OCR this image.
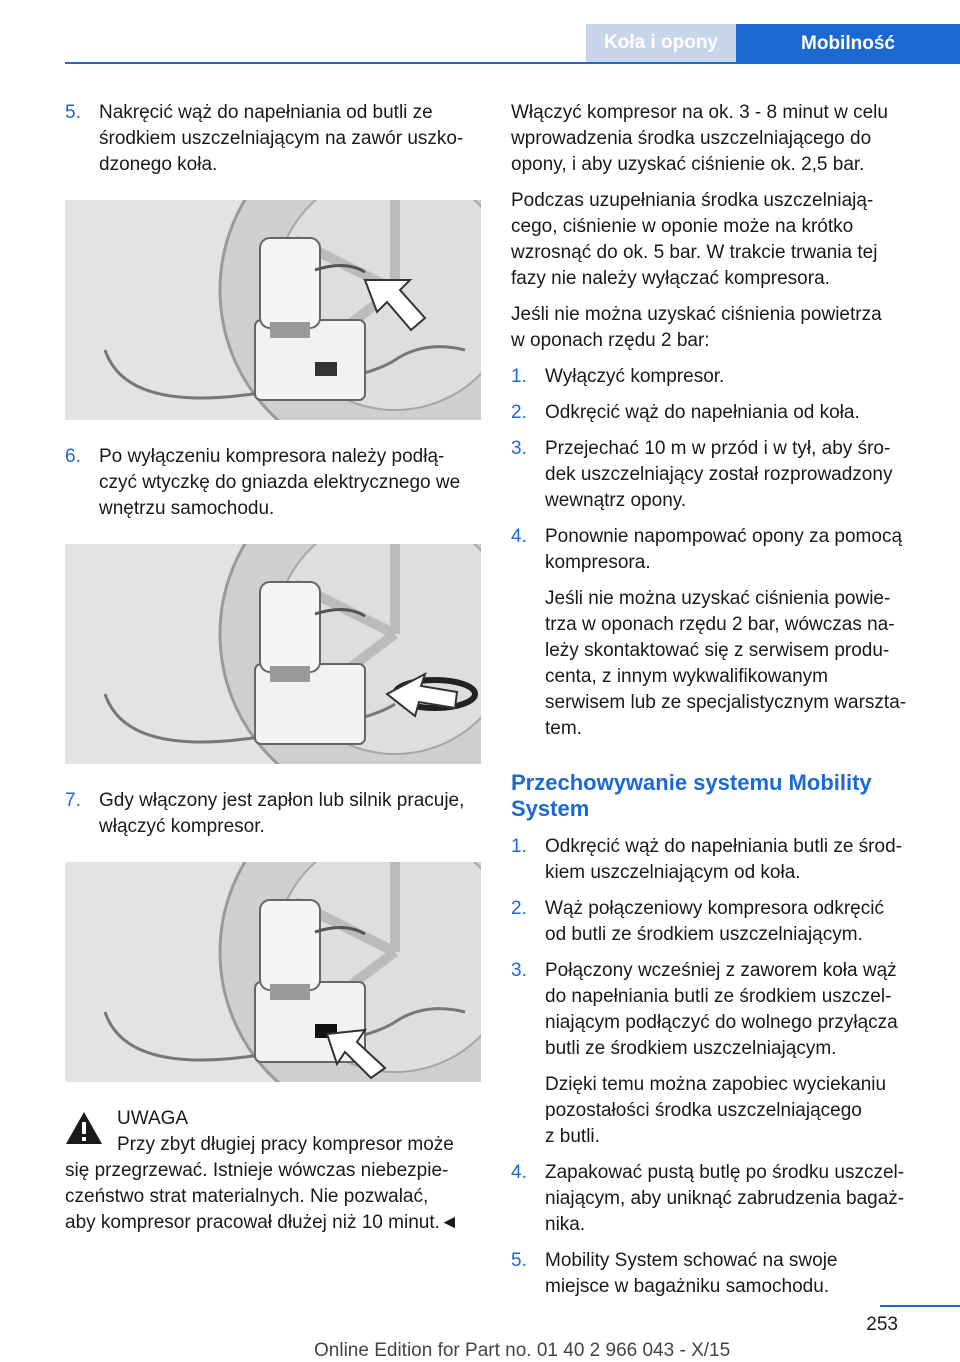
Koła i opony	Mobilność
5. Nakręcić wąż do napełniania od butli ze
środkiem uszczelniającym na zawór uszko‐
dzonego koła.
6. Po wyłączeniu kompresora należy podłą‐
czyć wtyczkę do gniazda elektrycznego we
wnętrzu samochodu.
7. Gdy włączony jest zapłon lub silnik pracuje,
włączyć kompresor.
UWAGA
Przy zbyt długiej pracy kompresor może
się przegrzewać. Istnieje wówczas niebezpie‐
czeństwo strat materialnych. Nie pozwalać,
aby kompresor pracował dłużej niż 10 minut.◄

Włączyć kompresor na ok. 3 - 8 minut w celu
wprowadzenia środka uszczelniającego do
opony, i aby uzyskać ciśnienie ok. 2,5 bar.

Podczas uzupełniania środka uszczelniają‐
cego, ciśnienie w oponie może na krótko
wzrosnąć do ok. 5 bar. W trakcie trwania tej
fazy nie należy wyłączać kompresora.

Jeśli nie można uzyskać ciśnienia powietrza
w oponach rzędu 2 bar:

1. Wyłączyć kompresor.
2. Odkręcić wąż do napełniania od koła.
3. Przejechać 10 m w przód i w tył, aby śro‐
dek uszczelniający został rozprowadzony
wewnątrz opony.
4. Ponownie napompować opony za pomocą
kompresora.

Jeśli nie można uzyskać ciśnienia powie‐
trza w oponach rzędu 2 bar, wówczas na‐
leży skontaktować się z serwisem produ‐
centa, z innym wykwalifikowanym
serwisem lub ze specjalistycznym warszta‐
tem.

Przechowywanie systemu Mobility
System
1. Odkręcić wąż do napełniania butli ze środ‐
kiem uszczelniającym od koła.
2. Wąż połączeniowy kompresora odkręcić
od butli ze środkiem uszczelniającym.
3. Połączony wcześniej z zaworem koła wąż
do napełniania butli ze środkiem uszczel‐
niającym podłączyć do wolnego przyłącza
butli ze środkiem uszczelniającym.

Dzięki temu można zapobiec wyciekaniu
pozostałości środka uszczelniającego
z butli.

4. Zapakować pustą butlę po środku uszczel‐
niającym, aby uniknąć zabrudzenia bagaż‐
nika.
5. Mobility System schować na swoje
miejsce w bagażniku samochodu.
253
Online Edition for Part no. 01 40 2 966 043 - X/15
